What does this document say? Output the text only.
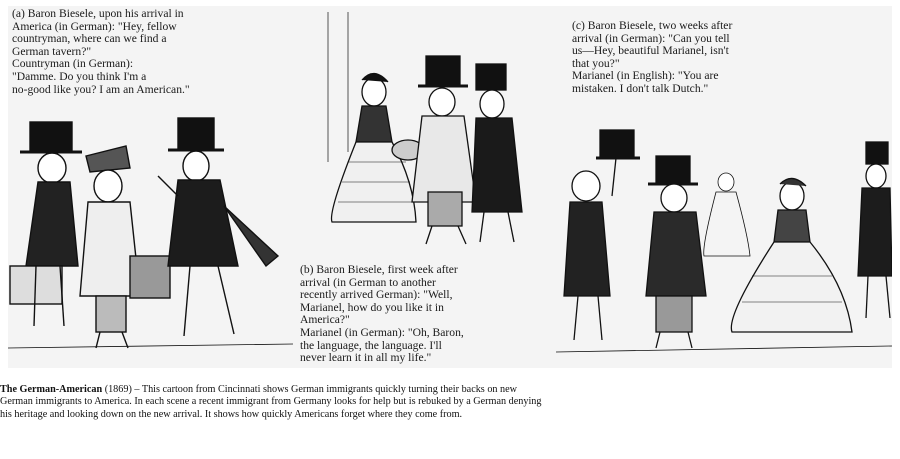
(a) Baron Biesele, upon his arrival in
America (in German): "Hey, fellow
countryman, where can we find a
German tavern?"
Countryman (in German):
"Damme. Do you think I'm a
no-good like you? I am an American."

(b) Baron Biesele, first week after
arrival (in German to another
recently arrived German): "Well,
Marianel, how do you like it in
America?"
Marianel (in German): "Oh, Baron,
the language, the language. I'll
never learn it in all my life."

(c) Baron Biesele, two weeks after
arrival (in German): "Can you tell
us—Hey, beautiful Marianel, isn't
that you?"
Marianel (in English): "You are
mistaken. I don't talk Dutch."

The German-American (1869) – This cartoon from Cincinnati shows German immigrants quickly turning their backs on new

German immigrants to America. In each scene a recent immigrant from Germany looks for help but is rebuked by a German denying

his heritage and looking down on the new arrival. It shows how quickly Americans forget where they come from.
